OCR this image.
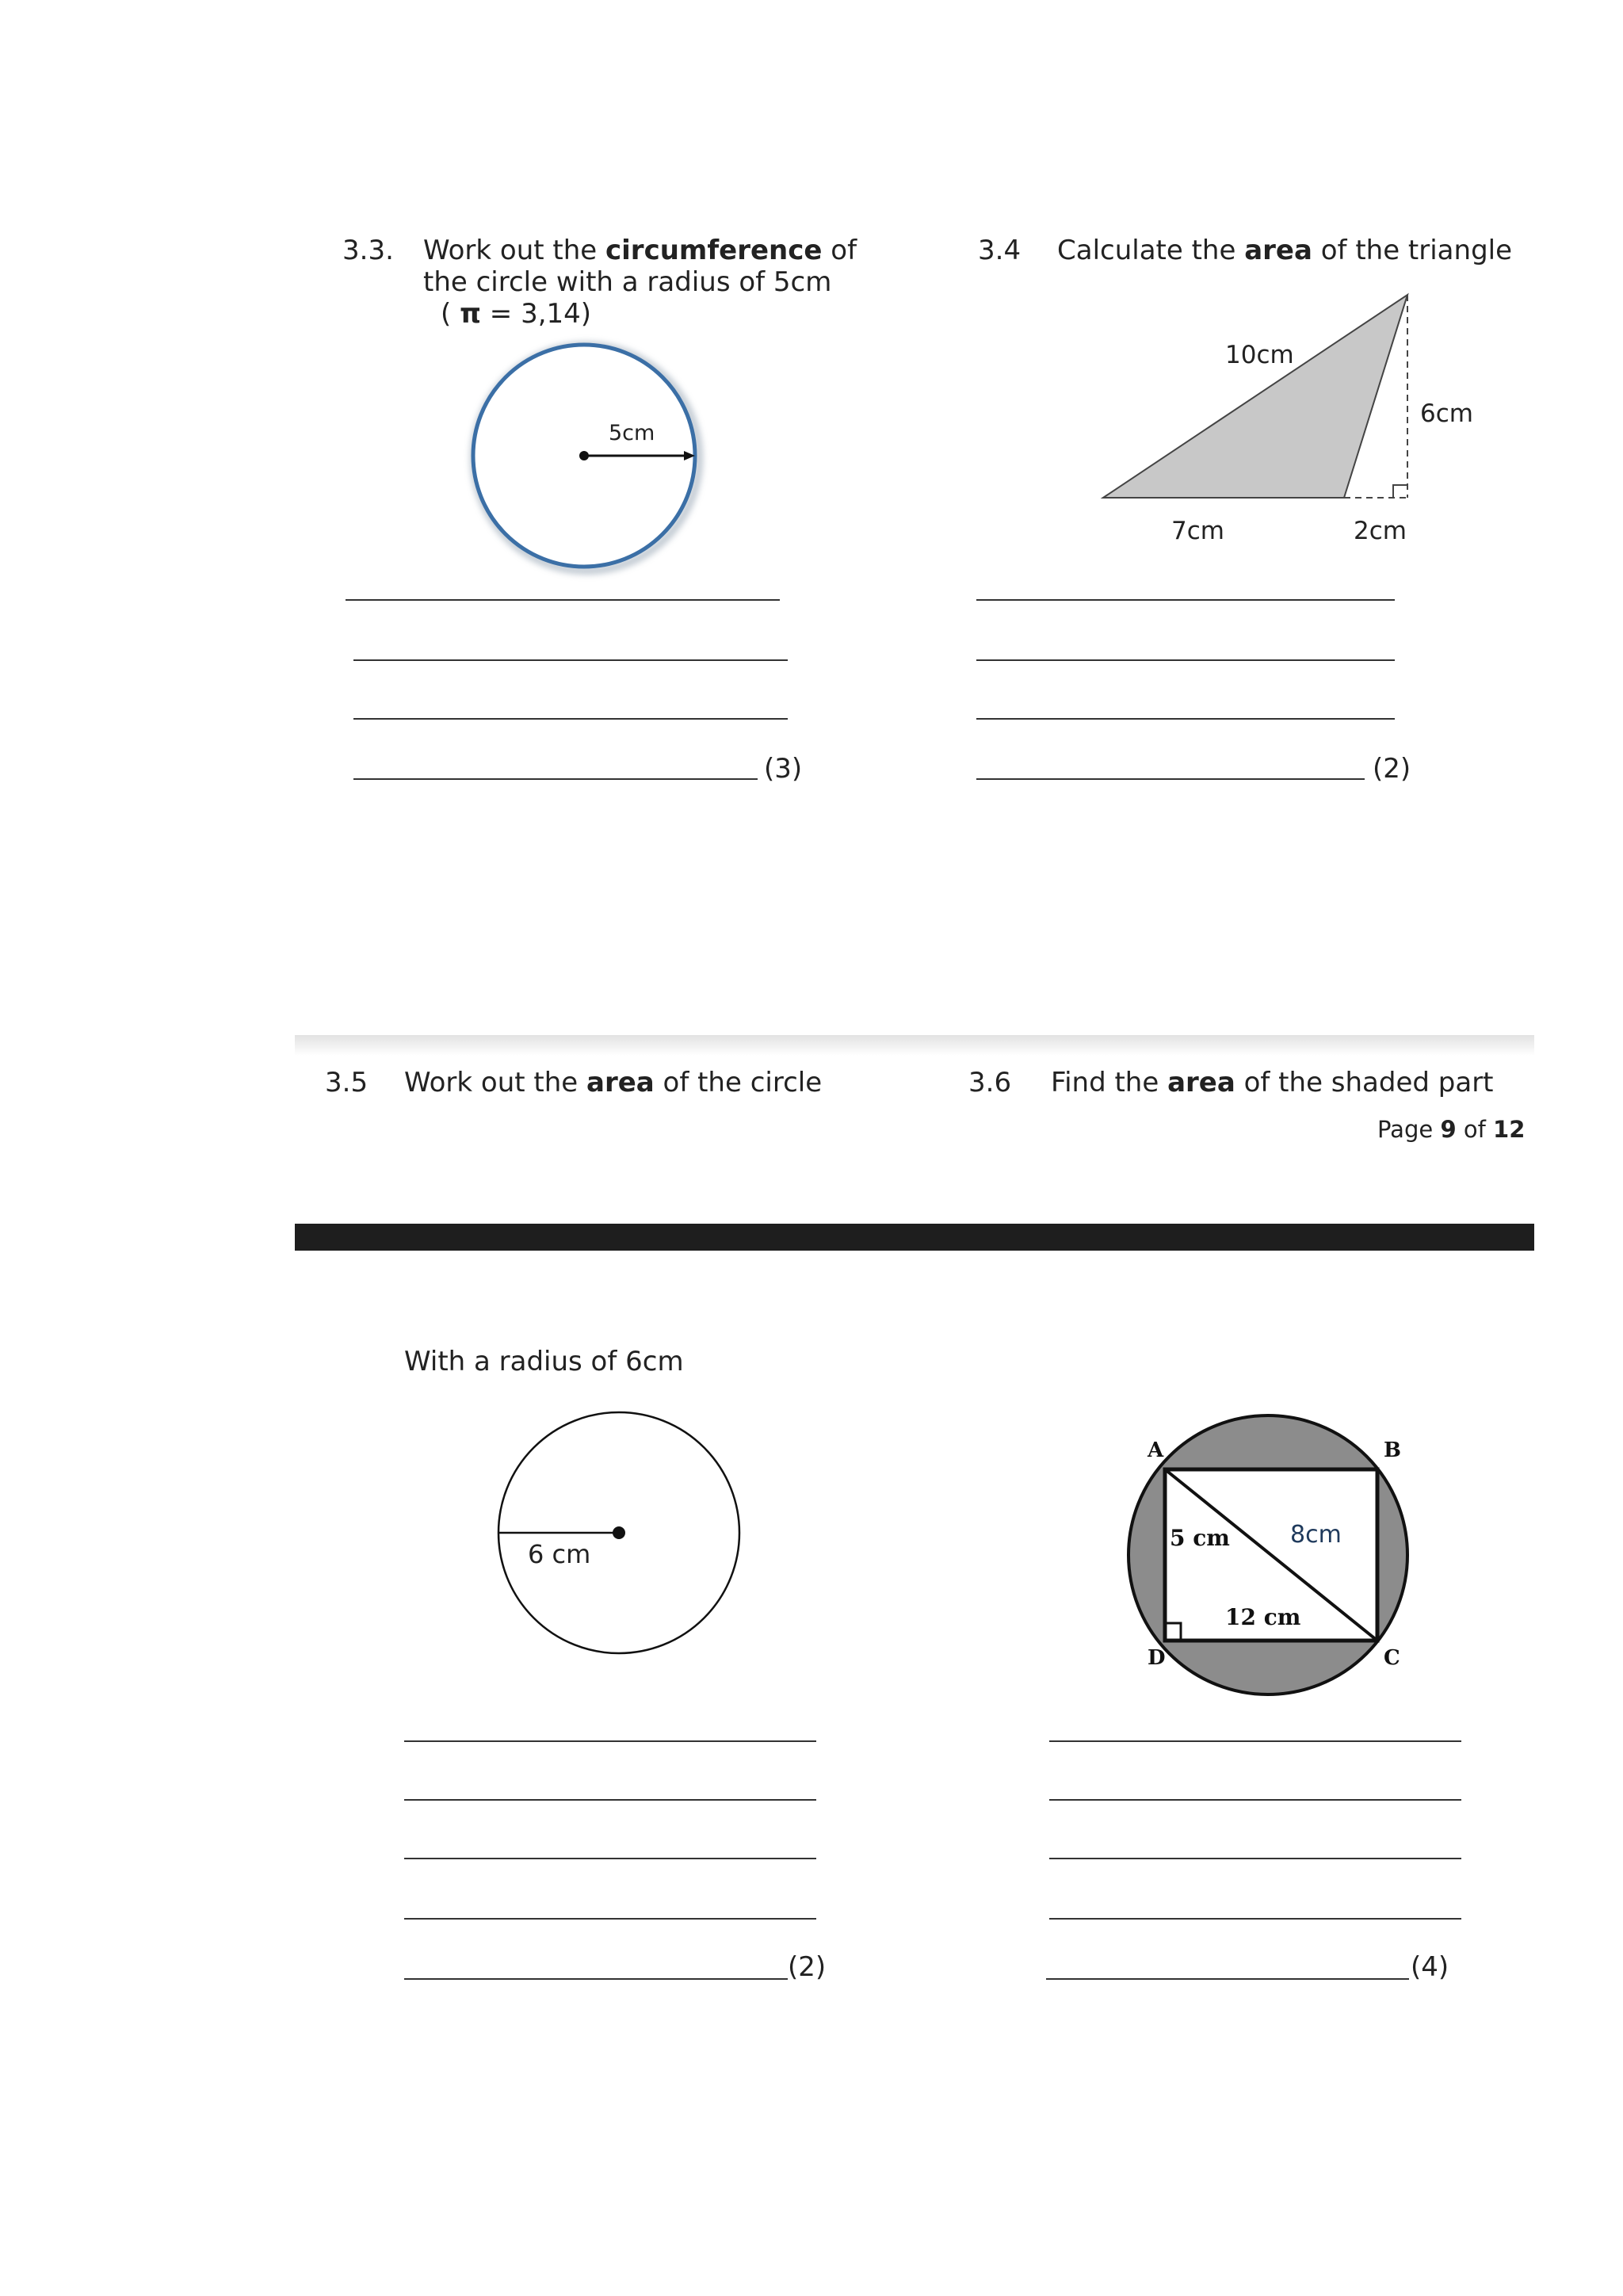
3.3. Work out the circumference of
the circle with a radius of 5cm
( π = 3,14)
5cm
(3)
3.4 Calculate the area of the triangle
10cm
6cm
7cm	2cm
(2)
3.5 Work out the area of the circle	3.6 Find the area of the shaded part
Page 9 of 12
With a radius of 6cm
6 cm
(2)
A	B
C
D
5 cm
12 cm
8cm
(4)
